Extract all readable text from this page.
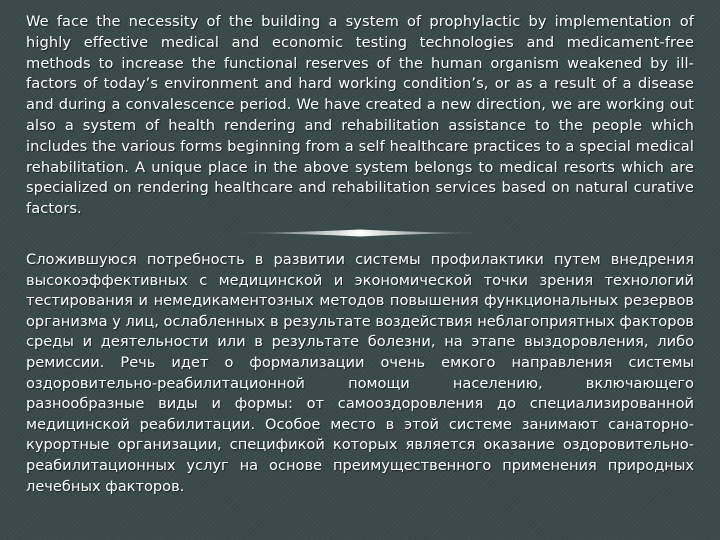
We face the necessity of the building a system of prophylactic by implementation of highly effective medical and economic testing technologies and medicament-free methods to increase the functional reserves of the human organism weakened by ill-factors of today’s environment and hard working condition’s, or as a result of a disease and during a convalescence period. We have created a new direction, we are working out also a system of health rendering and rehabilitation assistance to the people which includes the various forms beginning from a self healthcare practices to a special medical rehabilitation. A unique place in the above system belongs to medical resorts which are specialized on rendering healthcare and rehabilitation services based on natural curative factors.

Сложившуюся потребность в развитии системы профилактики путем внедрения высокоэффективных с медицинской и экономической точки зрения технологий тестирования и немедикаментозных методов повышения функциональных резервов организма у лиц, ослабленных в результате воздействия неблагоприятных факторов среды и деятельности или в результате болезни, на этапе выздоровления, либо ремиссии. Речь идет о формализации очень емкого направления системы оздоровительно-реабилитационной помощи населению, включающего разнообразные виды и формы: от самооздоровления до специализированной медицинской реабилитации. Особое место в этой системе занимают санаторно-курортные организации, спецификой которых является оказание оздоровительно-реабилитационных услуг на основе преимущественного применения природных лечебных факторов.
